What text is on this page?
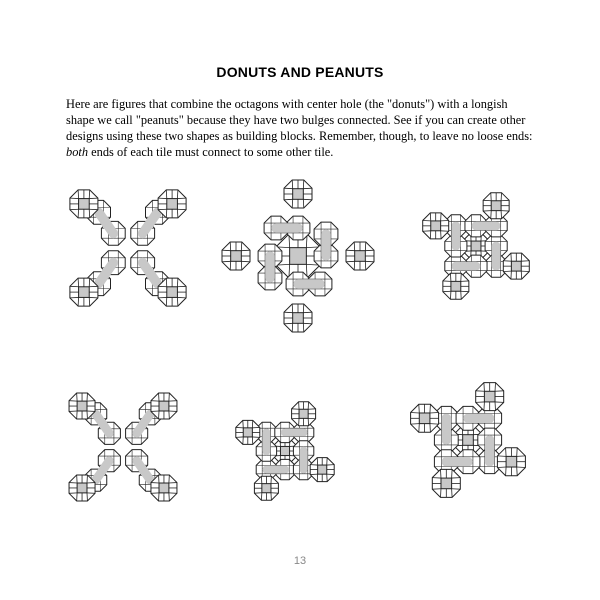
DONUTS AND PEANUTS

Here are figures that combine the octagons with center hole (the "donuts") with a longish shape we call "peanuts" because they have two bulges connected. See if you can create other designs using these two shapes as building blocks. Remember, though, to leave no loose ends: both ends of each tile must connect to some other tile.

13
